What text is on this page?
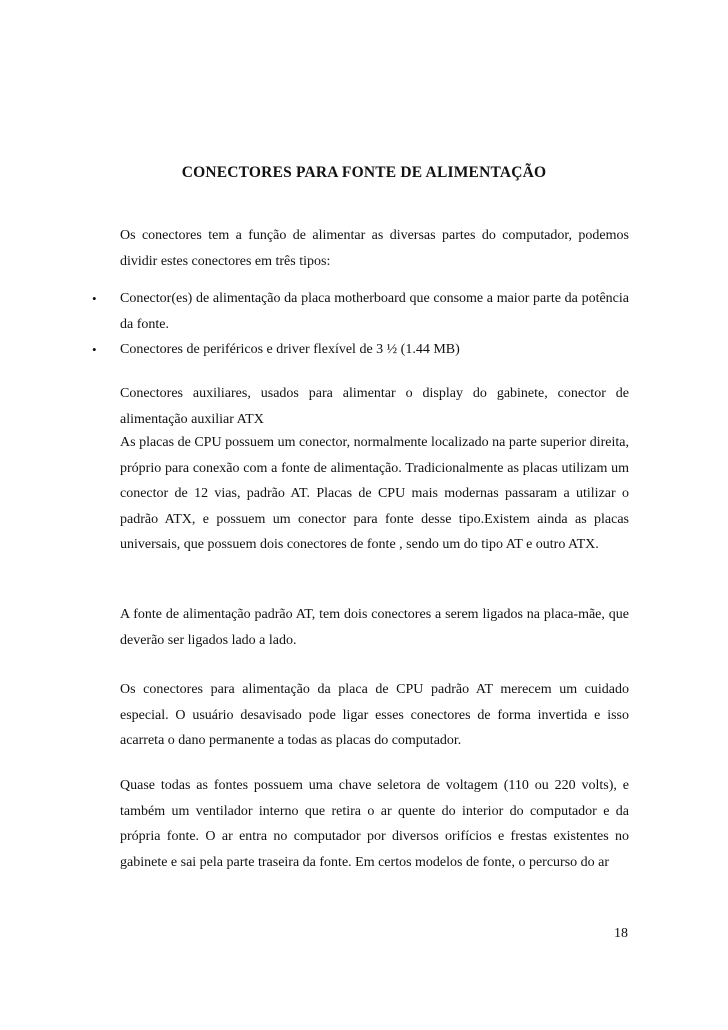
CONECTORES PARA FONTE DE ALIMENTAÇÃO
Os conectores tem a função de alimentar as diversas partes do computador, podemos dividir estes conectores em três tipos:
• Conector(es) de alimentação da placa motherboard que consome a maior parte da potência da fonte.
• Conectores de periféricos e driver flexível de 3 ½ (1.44 MB)
Conectores auxiliares, usados para alimentar o display do gabinete, conector de alimentação auxiliar ATX
As placas de CPU possuem um conector, normalmente localizado na parte superior direita, próprio para conexão com a fonte de alimentação. Tradicionalmente as placas utilizam um conector de 12 vias, padrão AT. Placas de CPU mais modernas passaram a utilizar o padrão ATX, e possuem um conector para fonte desse tipo.Existem ainda as placas universais, que possuem dois conectores de fonte , sendo um do tipo AT e outro ATX.
A fonte de alimentação padrão AT, tem dois conectores a serem ligados na placa-mãe, que deverão ser ligados lado a lado.
Os conectores para alimentação da placa de CPU padrão AT merecem um cuidado especial. O usuário desavisado pode ligar esses conectores de forma invertida e isso acarreta o dano permanente a todas as placas do computador.
Quase todas as fontes possuem uma chave seletora de voltagem (110 ou 220 volts), e também um ventilador interno que retira o ar quente do interior do computador e da própria fonte. O ar entra no computador por diversos orifícios e frestas existentes no gabinete e sai pela parte traseira da fonte. Em certos modelos de fonte, o percurso do ar
18
